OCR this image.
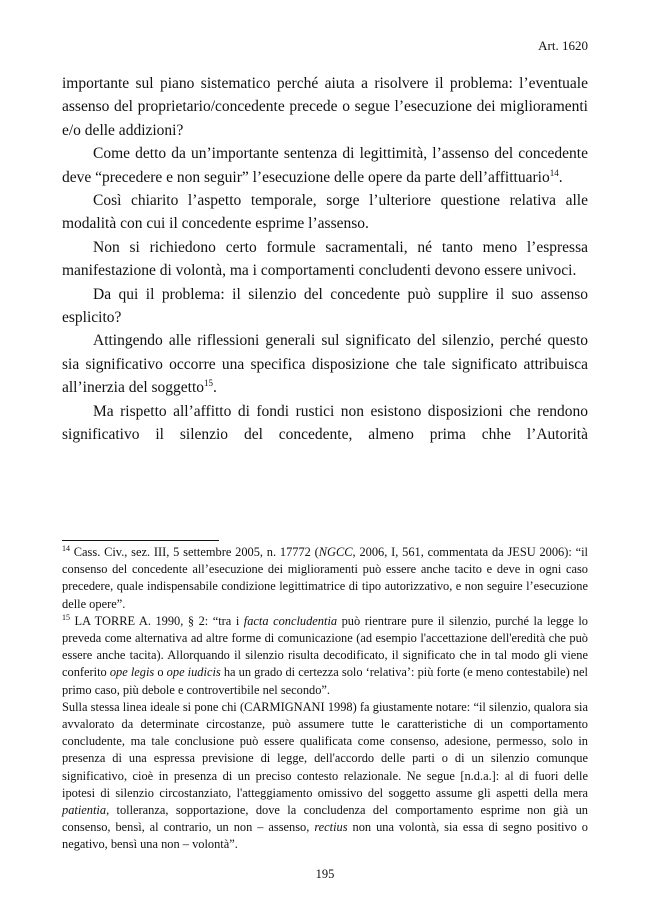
Art. 1620

importante sul piano sistematico perché aiuta a risolvere il problema: l’eventuale assenso del proprietario/concedente precede o segue l’esecuzione dei miglioramenti e/o delle addizioni?

Come detto da un’importante sentenza di legittimità, l’assenso del concedente deve “precedere e non seguir” l’esecuzione delle opere da parte dell’affittuario$^{14}$.

Così chiarito l’aspetto temporale, sorge l’ulteriore questione relativa alle modalità con cui il concedente esprime l’assenso.

Non si richiedono certo formule sacramentali, né tanto meno l’espressa manifestazione di volontà, ma i comportamenti concludenti devono essere univoci.

Da qui il problema: il silenzio del concedente può supplire il suo assenso esplicito?

Attingendo alle riflessioni generali sul significato del silenzio, perché questo sia significativo occorre una specifica disposizione che tale significato attribuisca all’inerzia del soggetto$^{15}$.

Ma rispetto all’affitto di fondi rustici non esistono disposizioni che rendono significativo il silenzio del concedente, almeno prima chhe l’Autorità

$^{14}$ Cass. Civ., sez. III, 5 settembre 2005, n. 17772 (NGCC, 2006, I, 561, commentata da JESU 2006): “il consenso del concedente all’esecuzione dei miglioramenti può essere anche tacito e deve in ogni caso precedere, quale indispensabile condizione legittimatrice di tipo autorizzativo, e non seguire l’esecuzione delle opere”.

$^{15}$ LA TORRE A. 1990, § 2: “tra i facta concludentia può rientrare pure il silenzio, purché la legge lo preveda come alternativa ad altre forme di comunicazione (ad esempio l'accettazione dell'eredità che può essere anche tacita). Allorquando il silenzio risulta decodificato, il significato che in tal modo gli viene conferito ope legis o ope iudicis ha un grado di certezza solo ‘relativa’: più forte (e meno contestabile) nel primo caso, più debole e controvertibile nel secondo”.

Sulla stessa linea ideale si pone chi (CARMIGNANI 1998) fa giustamente notare: “il silenzio, qualora sia avvalorato da determinate circostanze, può assumere tutte le caratteristiche di un comportamento concludente, ma tale conclusione può essere qualificata come consenso, adesione, permesso, solo in presenza di una espressa previsione di legge, dell'accordo delle parti o di un silenzio comunque significativo, cioè in presenza di un preciso contesto relazionale. Ne segue [n.d.a.]: al di fuori delle ipotesi di silenzio circostanziato, l'atteggiamento omissivo del soggetto assume gli aspetti della mera patientia, tolleranza, sopportazione, dove la concludenza del comportamento esprime non già un consenso, bensì, al contrario, un non – assenso, rectius non una volontà, sia essa di segno positivo o negativo, bensì una non – volontà”.

195
